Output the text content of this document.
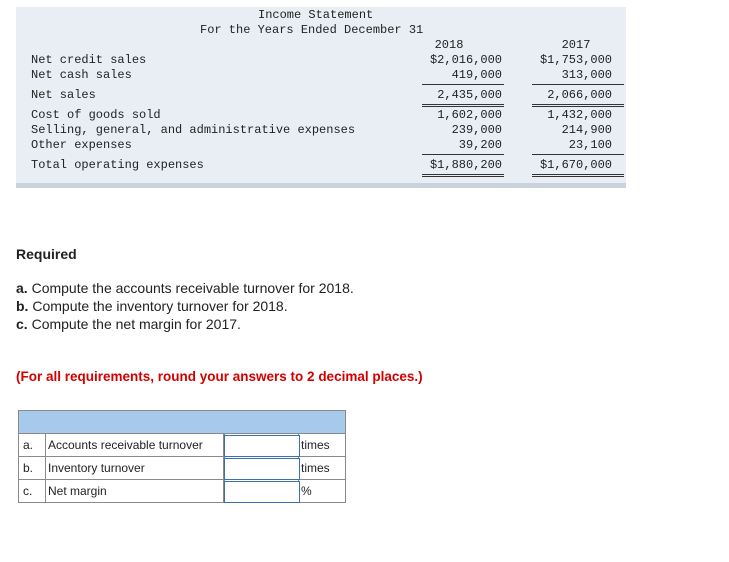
Income Statement
For the Years Ended December 31
2018	2017
Net credit sales	$2,016,000	$1,753,000
Net cash sales	419,000	313,000
Net sales	2,435,000	2,066,000
Cost of goods sold	1,602,000	1,432,000
Selling, general, and administrative expenses	239,000	214,900
Other expenses	39,200	23,100
Total operating expenses	$1,880,200	$1,670,000
Required
a. Compute the accounts receivable turnover for 2018.
b. Compute the inventory turnover for 2018.
c. Compute the net margin for 2017.
(For all requirements, round your answers to 2 decimal places.)

a.	Accounts receivable turnover		times
b.	Inventory turnover		times
c.	Net margin		%
